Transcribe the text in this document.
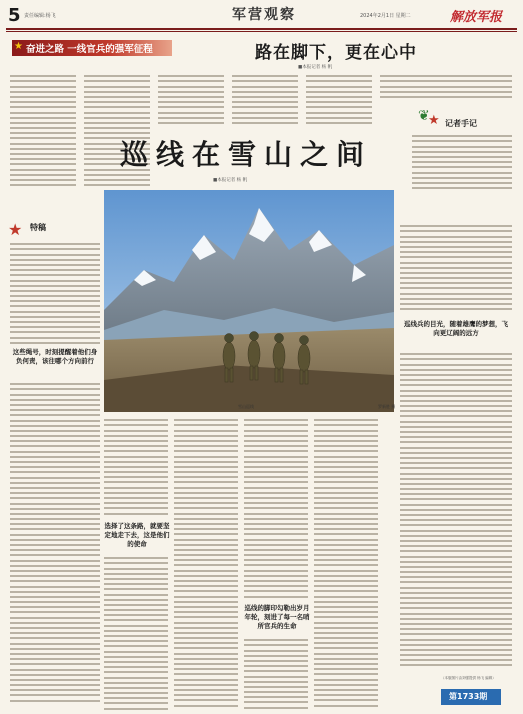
5 责任编辑:杨飞	军营观察	2024年2月1日 星期二	解放军报
★ 奋进之路 一线官兵的强军征程	路在脚下，更在心中
■本报记者 杨 帆
❦
★ 记者手记
巡线在雪山之间
■本报记者 杨 帆
★ 特稿
这些绳号，时刻提醒着他们身负何责，该往哪个方向前行
罗新胜 摄
雪山巡线
选择了这条路，就要坚定地走下去，这是他们的使命
巡线的脚印勾勒出岁月年轮，刻进了每一名哨所官兵的生命
巡线兵的目光，随着雄鹰的梦想，飞向更辽阔的远方
（本版图片由刘强提供 杨飞 编辑）
第1733期
